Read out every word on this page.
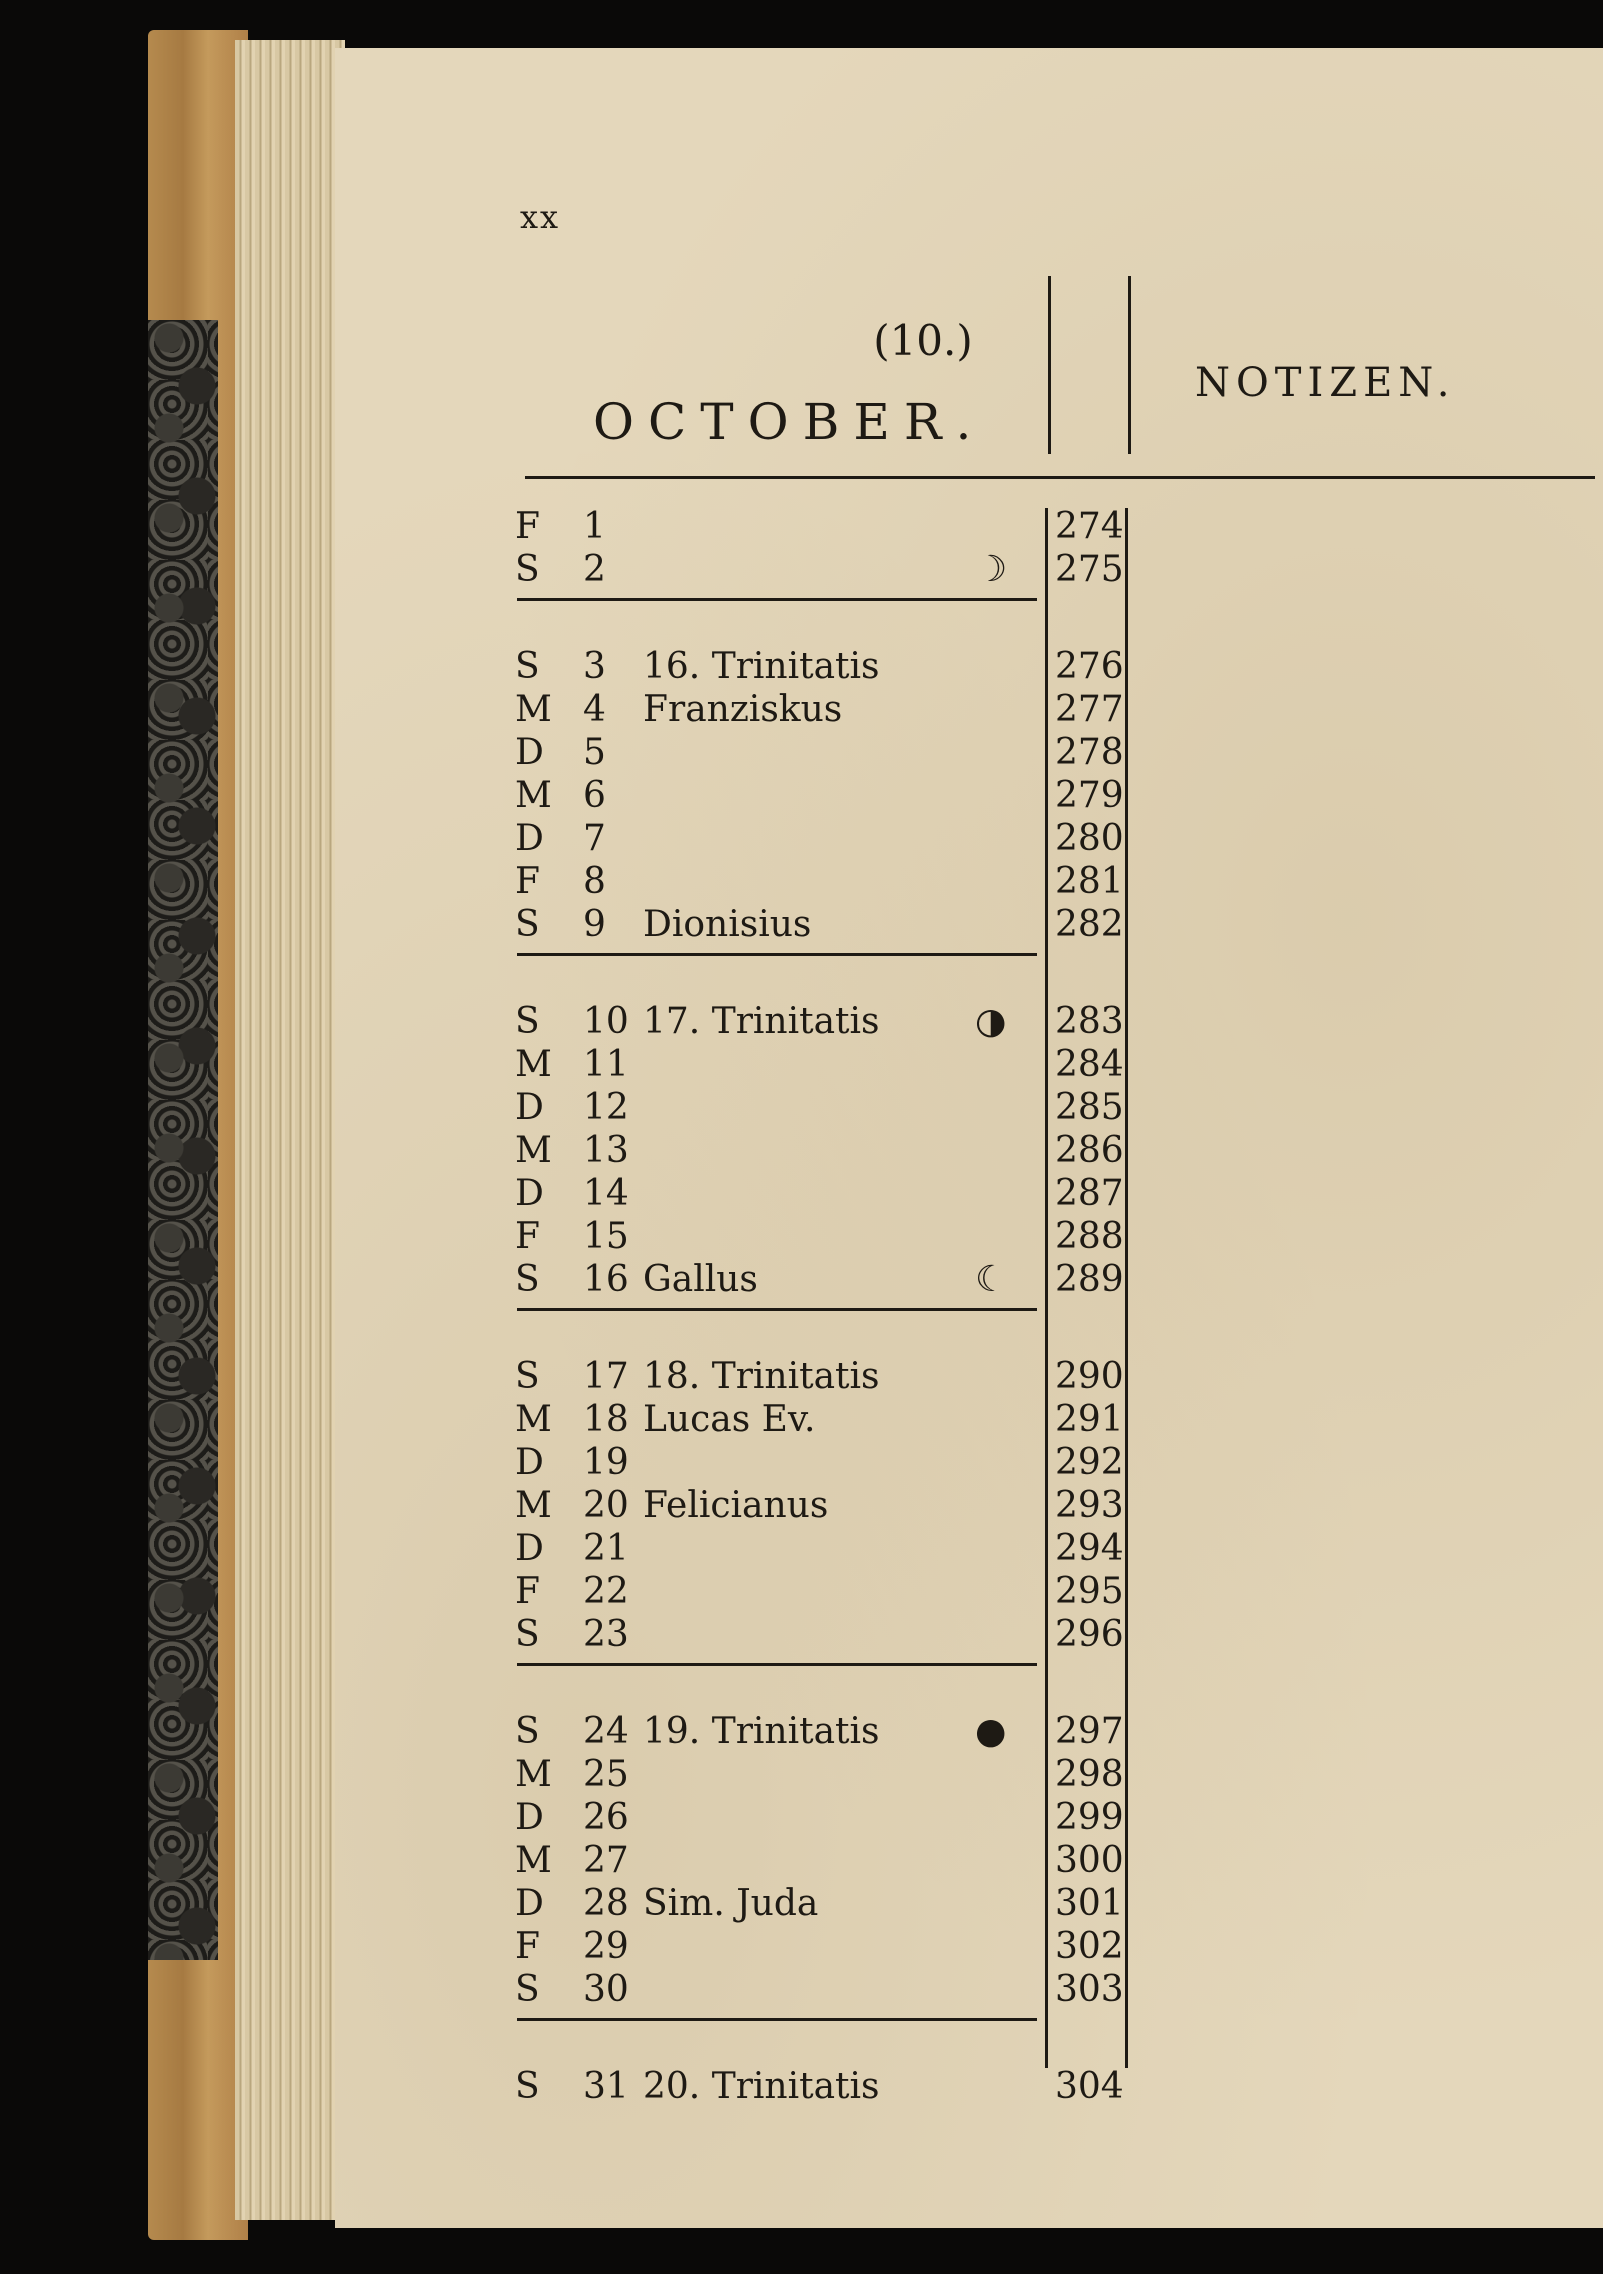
xx
(10.)
OCTOBER.
NOTIZEN.
F	1	274
S	2	☽ 275
S	3 16. Trinitatis	276
M 4 Franziskus	277
D	5	278
M 6	279
D	7	280
F	8	281
S	9 Dionisius	282
S	10 17. Trinitatis	◑ 283
M 11	284
D	12	285
M 13	286
D	14	287
F	15	288
S	16 Gallus	☾ 289
S	17 18. Trinitatis	290
M 18 Lucas Ev.	291
D	19	292
M 20 Felicianus	293
D	21	294
F	22	295
S	23	296
S	24 19. Trinitatis	● 297
M 25	298
D	26	299
M 27	300
D	28 Sim. Juda	301
F	29	302
S	30	303
S	31 20. Trinitatis	304
